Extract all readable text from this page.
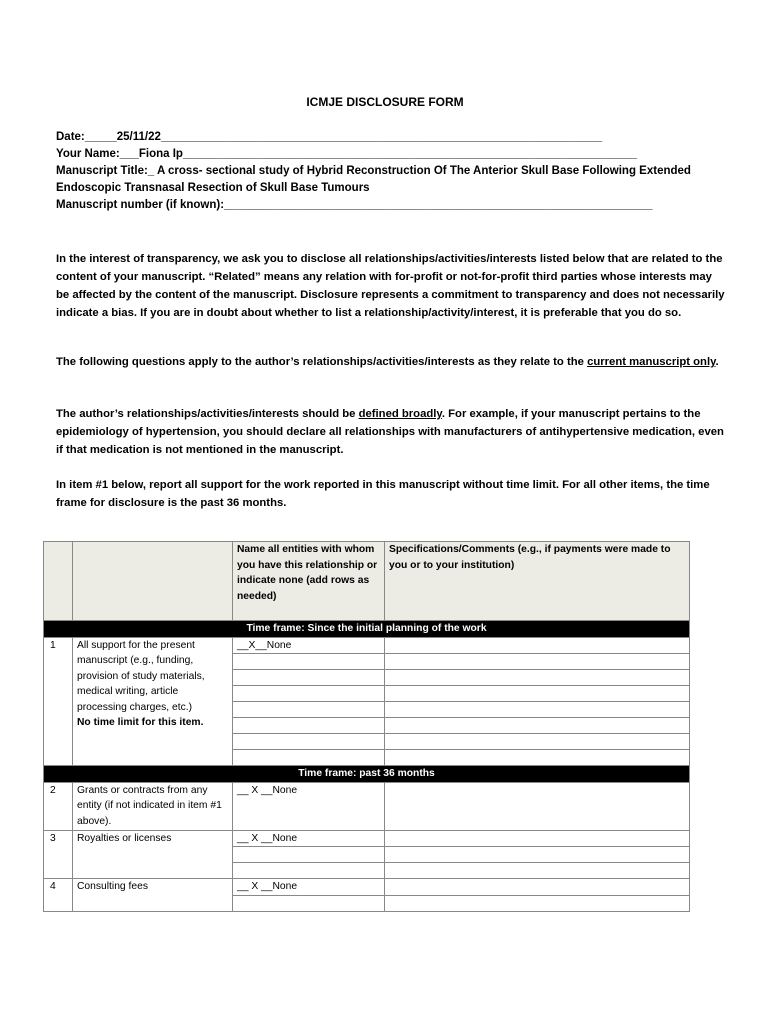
ICMJE DISCLOSURE FORM
Date:_____25/11/22_____________________________________________________________________
Your Name:___Fiona Ip_______________________________________________________________________
Manuscript Title:_ A cross- sectional study of Hybrid Reconstruction Of The Anterior Skull Base Following Extended
Endoscopic Transnasal Resection of Skull Base Tumours
Manuscript number (if known):___________________________________________________________________
In the interest of transparency, we ask you to disclose all relationships/activities/interests listed below that are related to the content of your manuscript. “Related” means any relation with for-profit or not-for-profit third parties whose interests may be affected by the content of the manuscript. Disclosure represents a commitment to transparency and does not necessarily indicate a bias. If you are in doubt about whether to list a relationship/activity/interest, it is preferable that you do so.
The following questions apply to the author’s relationships/activities/interests as they relate to the current manuscript only.
The author’s relationships/activities/interests should be defined broadly. For example, if your manuscript pertains to the epidemiology of hypertension, you should declare all relationships with manufacturers of antihypertensive medication, even if that medication is not mentioned in the manuscript.
In item #1 below, report all support for the work reported in this manuscript without time limit. For all other items, the time frame for disclosure is the past 36 months.
		Name all entities with whom you have this relationship or indicate none (add rows as needed)	Specifications/Comments (e.g., if payments were made to you or to your institution)
Time frame: Since the initial planning of the work			
1	All support for the present manuscript (e.g., funding, provision of study materials, medical writing, article processing charges, etc.)
No time limit for this item.	__X__None	

Time frame: past 36 months			
2	Grants or contracts from any entity (if not indicated in item #1 above).	__ X __None	
3	Royalties or licenses	__ X __None	

4	Consulting fees	__ X __None	
